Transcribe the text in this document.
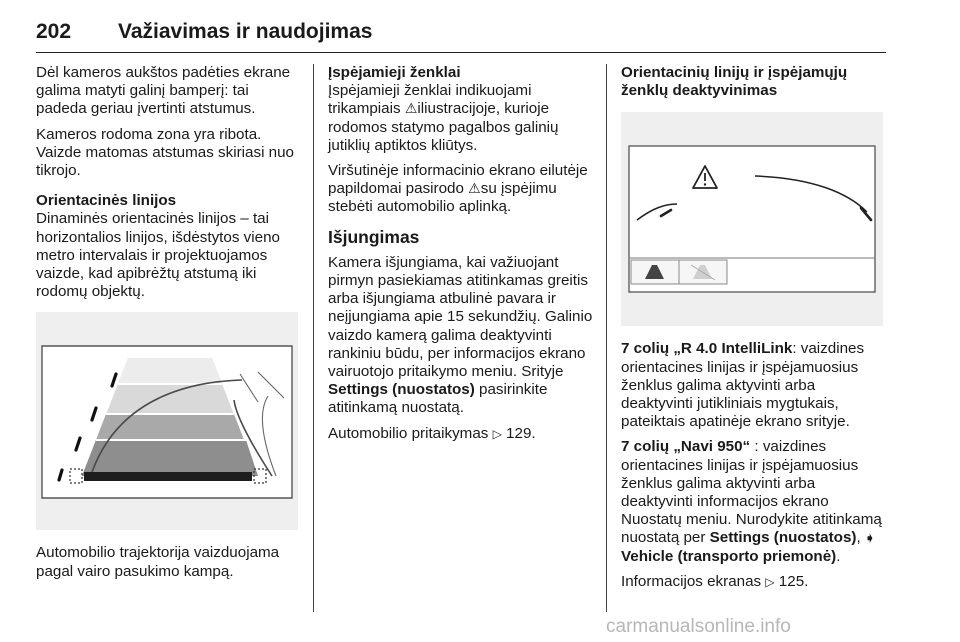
202 Važiavimas ir naudojimas

Dėl kameros aukštos padėties ekrane galima matyti galinį bamperį: tai padeda geriau įvertinti atstumus.

Kameros rodoma zona yra ribota. Vaizde matomas atstumas skiriasi nuo tikrojo.

Orientacinės linijos

Dinaminės orientacinės linijos – tai horizontalios linijos, išdėstytos vieno metro intervalais ir projektuojamos vaizde, kad apibrėžtų atstumą iki rodomų objektų.

Automobilio trajektorija vaizduojama pagal vairo pasukimo kampą.

Įspėjamieji ženklai

Įspėjamieji ženklai indikuojami trikampiais ⚠iliustracijoje, kurioje rodomos statymo pagalbos galinių jutiklių aptiktos kliūtys.

Viršutinėje informacinio ekrano eilutėje papildomai pasirodo ⚠su įspėjimu stebėti automobilio aplinką.

Išjungimas

Kamera išjungiama, kai važiuojant pirmyn pasiekiamas atitinkamas greitis arba išjungiama atbulinė pavara ir neįjungiama apie 15 sekundžių. Galinio vaizdo kamerą galima deaktyvinti rankiniu būdu, per informacijos ekrano vairuotojo pritaikymo meniu. Srityje Settings (nuostatos) pasirinkite atitinkamą nuostatą.

Automobilio pritaikymas ▷ 129.

Orientacinių linijų ir įspėjamųjų ženklų deaktyvinimas

7 colių „R 4.0 IntelliLink: vaizdines orientacines linijas ir įspėjamuosius ženklus galima aktyvinti arba deaktyvinti jutikliniais mygtukais, pateiktais apatinėje ekrano srityje.

7 colių „Navi 950“ : vaizdines orientacines linijas ir įspėjamuosius ženklus galima aktyvinti arba deaktyvinti informacijos ekrano Nuostatų meniu. Nurodykite atitinkamą nuostatą per Settings (nuostatos), ➧ Vehicle (transporto priemonė).

Informacijos ekranas ▷ 125.

carmanualsonline.info
